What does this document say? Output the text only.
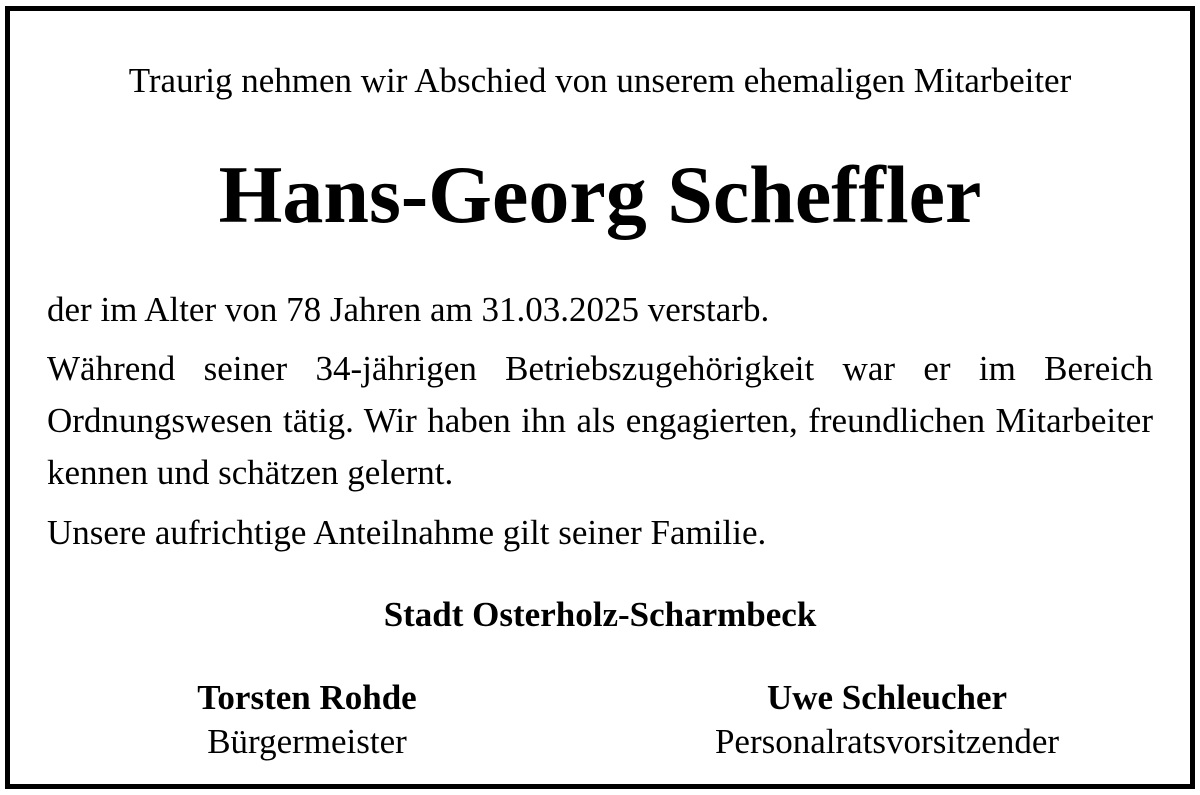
Traurig nehmen wir Abschied von unserem ehemaligen Mitarbeiter
Hans-Georg Scheffler

der im Alter von 78 Jahren am 31.03.2025 verstarb.

Während seiner 34-jährigen Betriebszugehörigkeit war er im Bereich Ordnungswesen tätig. Wir haben ihn als engagierten, freundlichen Mitarbeiter kennen und schätzen gelernt.

Unsere aufrichtige Anteilnahme gilt seiner Familie.

Stadt Osterholz-Scharmbeck
Torsten Rohde
Bürgermeister
Uwe Schleucher
Personalratsvorsitzender
